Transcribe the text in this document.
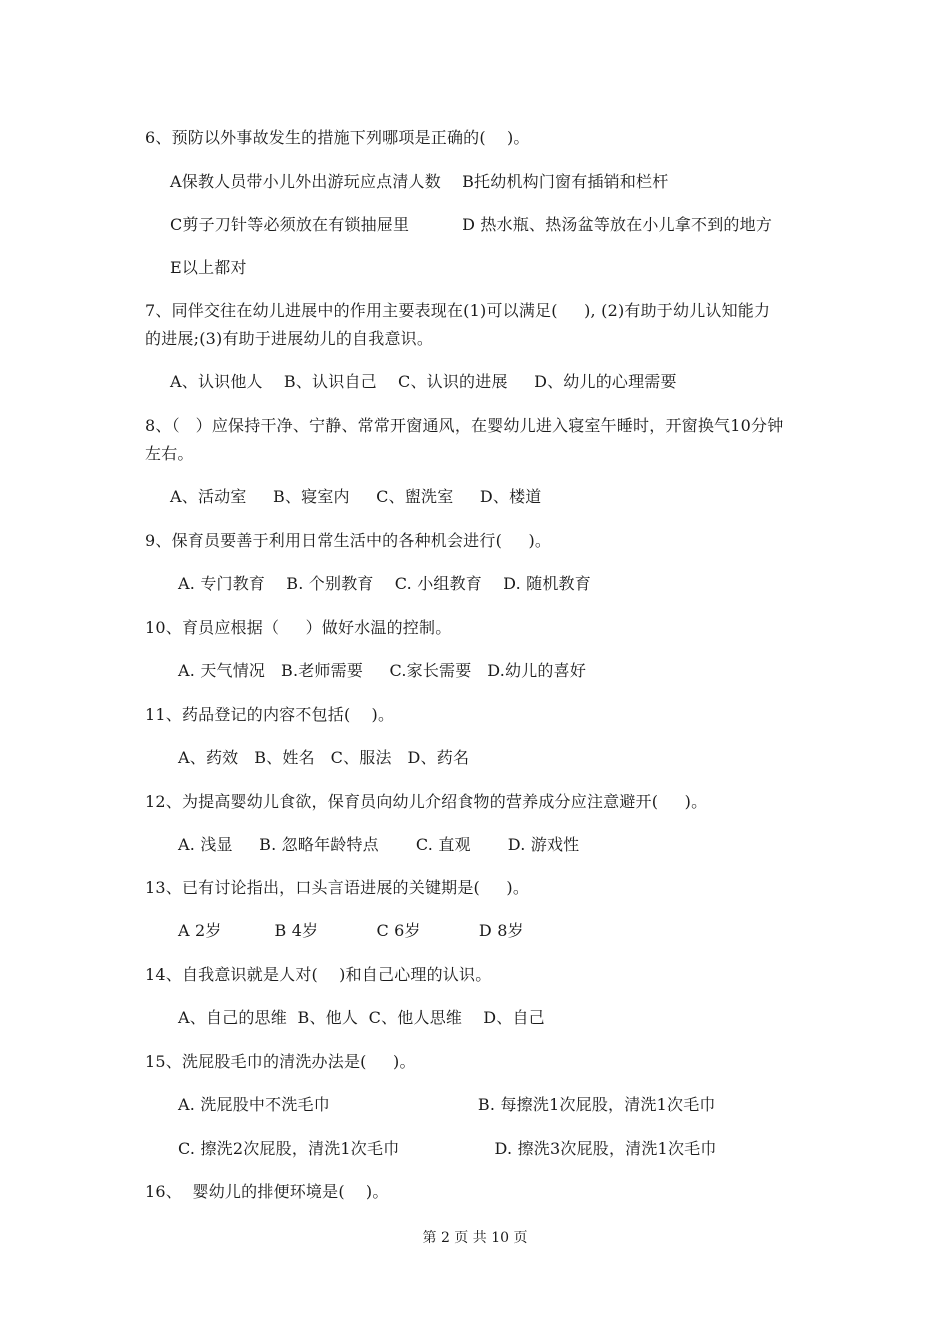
6、预防以外事故发生的措施下列哪项是正确的(    )。
A保教人员带小儿外出游玩应点清人数    B托幼机构门窗有插销和栏杆
C剪子刀针等必须放在有锁抽屉里          D 热水瓶、热汤盆等放在小儿拿不到的地方
E以上都对
7、同伴交往在幼儿进展中的作用主要表现在(1)可以满足(     ), (2)有助于幼儿认知能力
的进展;(3)有助于进展幼儿的自我意识。
A、认识他人    B、认识自己    C、认识的进展     D、幼儿的心理需要
8、（   ）应保持干净、宁静、常常开窗通风，在婴幼儿进入寝室午睡时，开窗换气10分钟
左右。
A、活动室     B、寝室内     C、盥洗室     D、楼道
9、保育员要善于利用日常生活中的各种机会进行(     )。
A. 专门教育    B. 个别教育    C. 小组教育    D. 随机教育
10、育员应根据（     ）做好水温的控制。
A. 天气情况   B.老师需要     C.家长需要   D.幼儿的喜好
11、药品登记的内容不包括(    )。
A、药效   B、姓名   C、服法   D、药名
12、为提高婴幼儿食欲，保育员向幼儿介绍食物的营养成分应注意避开(     )。
A. 浅显     B. 忽略年龄特点       C. 直观       D. 游戏性
13、已有讨论指出，口头言语进展的关键期是(     )。
A 2岁          B 4岁           C 6岁           D 8岁
14、自我意识就是人对(    )和自己心理的认识。
A、自己的思维  B、他人  C、他人思维    D、自己
15、洗屁股毛巾的清洗办法是(     )。
A. 洗屁股中不洗毛巾                            B. 每擦洗1次屁股，清洗1次毛巾
C. 擦洗2次屁股，清洗1次毛巾                  D. 擦洗3次屁股，清洗1次毛巾
16、  婴幼儿的排便环境是(    )。
第 2 页 共 10 页
